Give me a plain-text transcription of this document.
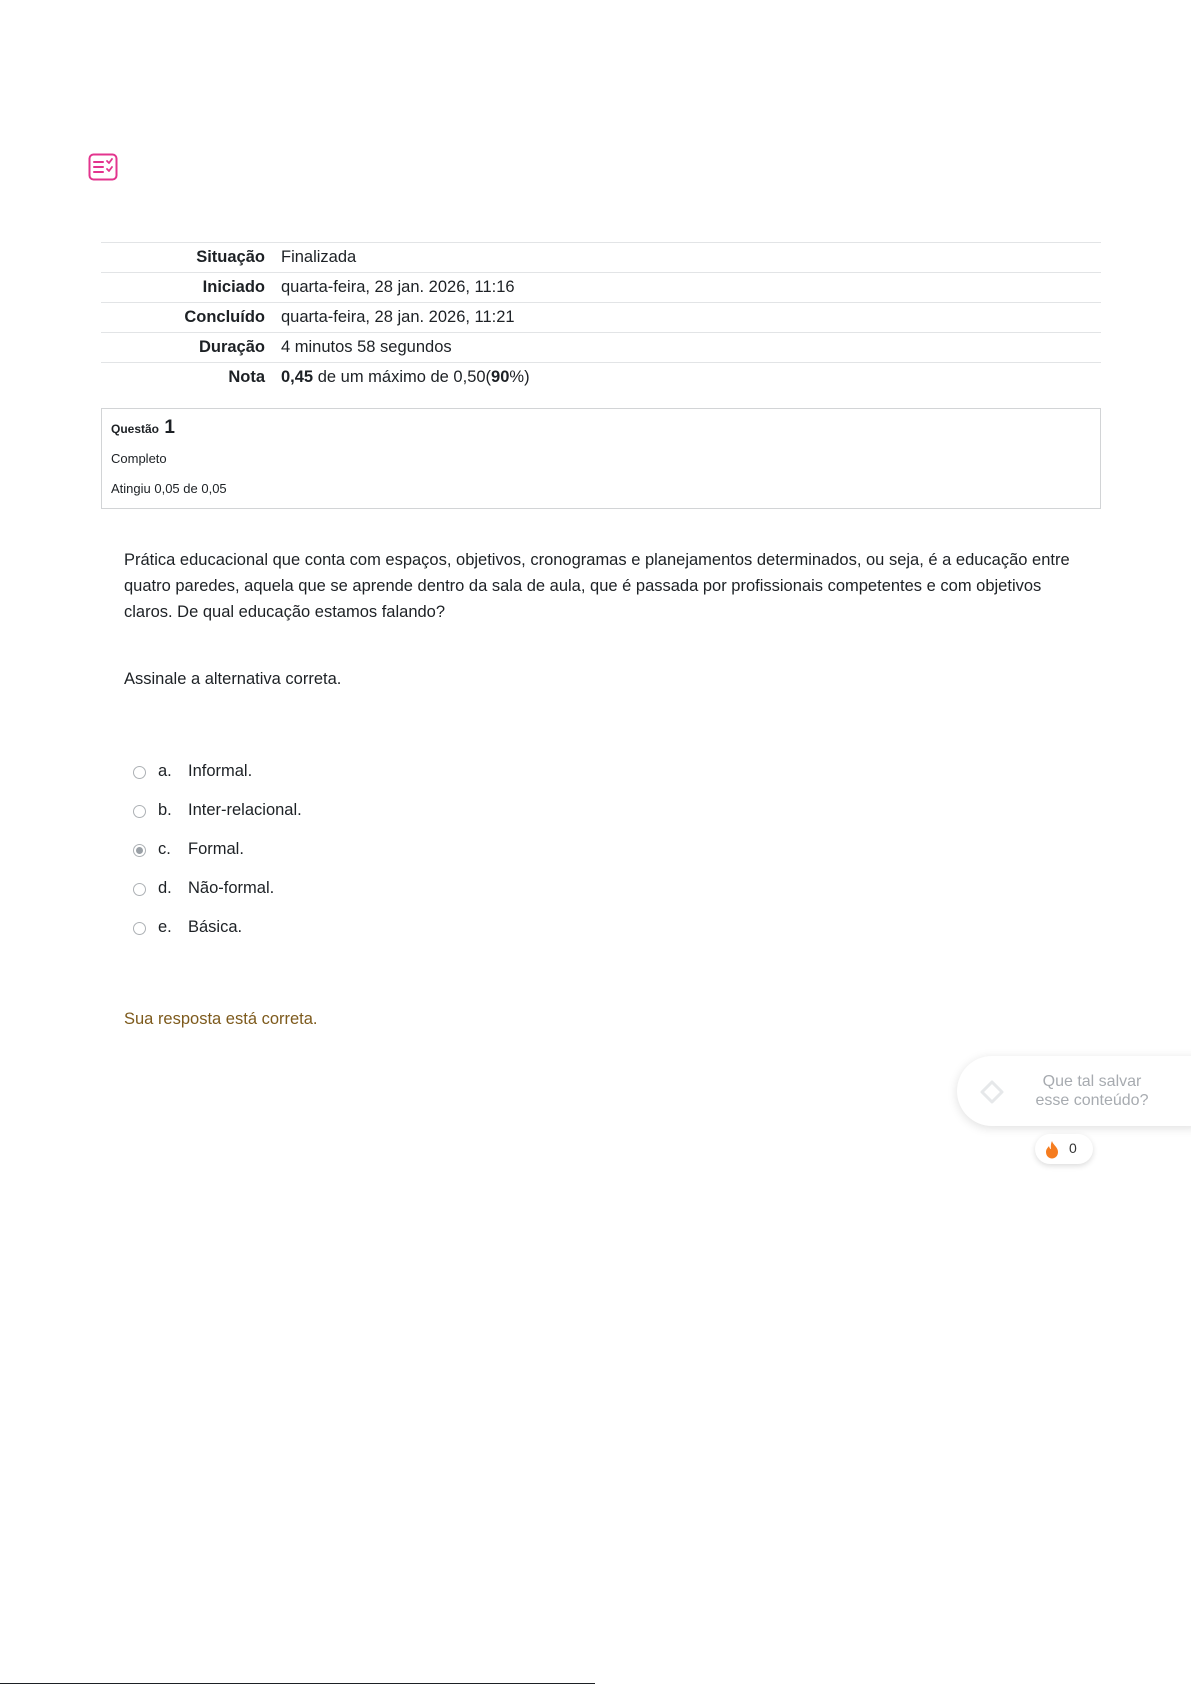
Situação	Finalizada
Iniciado	quarta-feira, 28 jan. 2026, 11:16
Concluído	quarta-feira, 28 jan. 2026, 11:21
Duração	4 minutos 58 segundos
Nota	0,45 de um máximo de 0,50(90%)
Questão 1
Completo
Atingiu 0,05 de 0,05
Prática educacional que conta com espaços, objetivos, cronogramas e planejamentos determinados, ou seja, é a educação entre quatro paredes, aquela que se aprende dentro da sala de aula, que é passada por profissionais competentes e com objetivos claros. De qual educação estamos falando?
Assinale a alternativa correta.
a. Informal.
b. Inter-relacional.
c. Formal.
d. Não-formal.
e. Básica.
Sua resposta está correta.
Que tal salvar
esse conteúdo?
0
